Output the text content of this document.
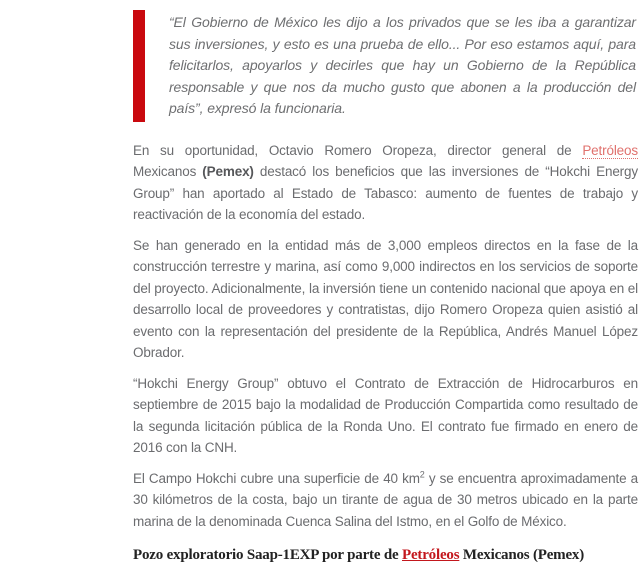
“El Gobierno de México les dijo a los privados que se les iba a garantizar sus inversiones, y esto es una prueba de ello... Por eso estamos aquí, para felicitarlos, apoyarlos y decirles que hay un Gobierno de la República responsable y que nos da mucho gusto que abonen a la producción del país”, expresó la funcionaria.

En su oportunidad, Octavio Romero Oropeza, director general de Petróleos Mexicanos (Pemex) destacó los beneficios que las inversiones de “Hokchi Energy Group” han aportado al Estado de Tabasco: aumento de fuentes de trabajo y reactivación de la economía del estado.

Se han generado en la entidad más de 3,000 empleos directos en la fase de la construcción terrestre y marina, así como 9,000 indirectos en los servicios de soporte del proyecto. Adicionalmente, la inversión tiene un contenido nacional que apoya en el desarrollo local de proveedores y contratistas, dijo Romero Oropeza quien asistió al evento con la representación del presidente de la República, Andrés Manuel López Obrador.

“Hokchi Energy Group” obtuvo el Contrato de Extracción de Hidrocarburos en septiembre de 2015 bajo la modalidad de Producción Compartida como resultado de la segunda licitación pública de la Ronda Uno. El contrato fue firmado en enero de 2016 con la CNH.

El Campo Hokchi cubre una superficie de 40 $km^2$ y se encuentra aproximadamente a 30 kilómetros de la costa, bajo un tirante de agua de 30 metros ubicado en la parte marina de la denominada Cuenca Salina del Istmo, en el Golfo de México.

Pozo exploratorio Saap-1EXP por parte de Petróleos Mexicanos (Pemex)
